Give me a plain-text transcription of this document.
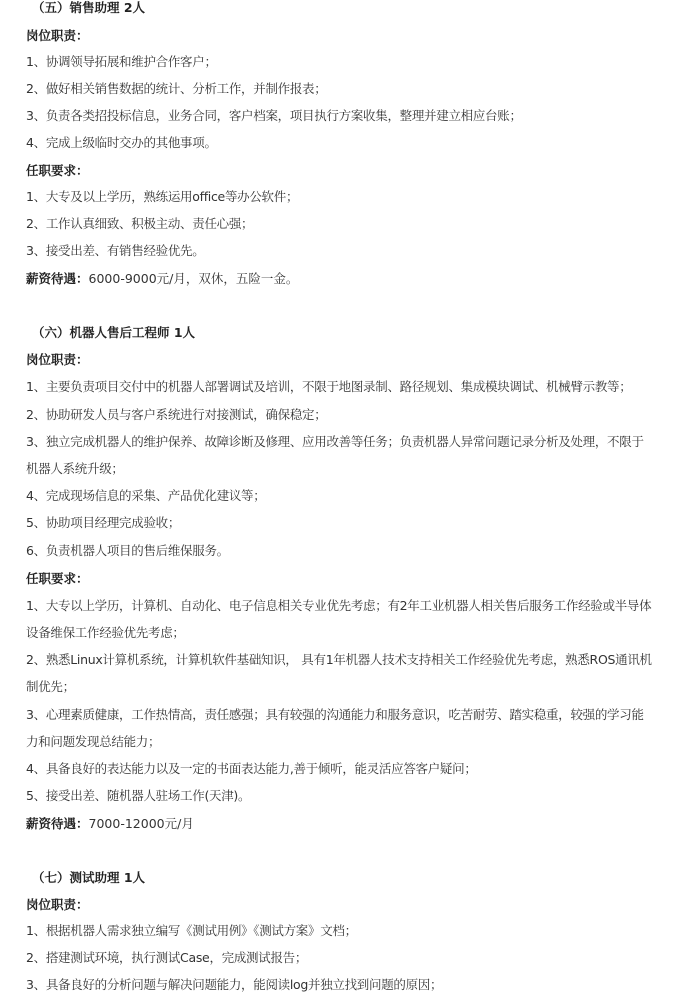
（五）销售助理 2人
岗位职责：
1、协调领导拓展和维护合作客户；
2、做好相关销售数据的统计、分析工作，并制作报表；
3、负责各类招投标信息，业务合同，客户档案，项目执行方案收集，整理并建立相应台账；
4、完成上级临时交办的其他事项。
任职要求：
1、大专及以上学历，熟练运用office等办公软件；
2、工作认真细致、积极主动、责任心强；
3、接受出差、有销售经验优先。
薪资待遇：6000-9000元/月，双休，五险一金。
（六）机器人售后工程师 1人
岗位职责：
1、主要负责项目交付中的机器人部署调试及培训，不限于地图录制、路径规划、集成模块调试、机械臂示教等；
2、协助研发人员与客户系统进行对接测试，确保稳定；
3、独立完成机器人的维护保养、故障诊断及修理、应用改善等任务；负责机器人异常问题记录分析及处理，不限于机器人系统升级；
4、完成现场信息的采集、产品优化建议等；
5、协助项目经理完成验收；
6、负责机器人项目的售后维保服务。
任职要求：
1、大专以上学历，计算机、自动化、电子信息相关专业优先考虑；有2年工业机器人相关售后服务工作经验或半导体设备维保工作经验优先考虑；
2、熟悉Linux计算机系统，计算机软件基础知识， 具有1年机器人技术支持相关工作经验优先考虑，熟悉ROS通讯机制优先；
3、心理素质健康，工作热情高，责任感强；具有较强的沟通能力和服务意识，吃苦耐劳、踏实稳重，较强的学习能力和问题发现总结能力；
4、具备良好的表达能力以及一定的书面表达能力,善于倾听，能灵活应答客户疑问；
5、接受出差、随机器人驻场工作(天津)。
薪资待遇：7000-12000元/月
（七）测试助理 1人
岗位职责：
1、根据机器人需求独立编写《测试用例》《测试方案》文档；
2、搭建测试环境，执行测试Case，完成测试报告；
3、具备良好的分析问题与解决问题能力，能阅读log并独立找到问题的原因；
